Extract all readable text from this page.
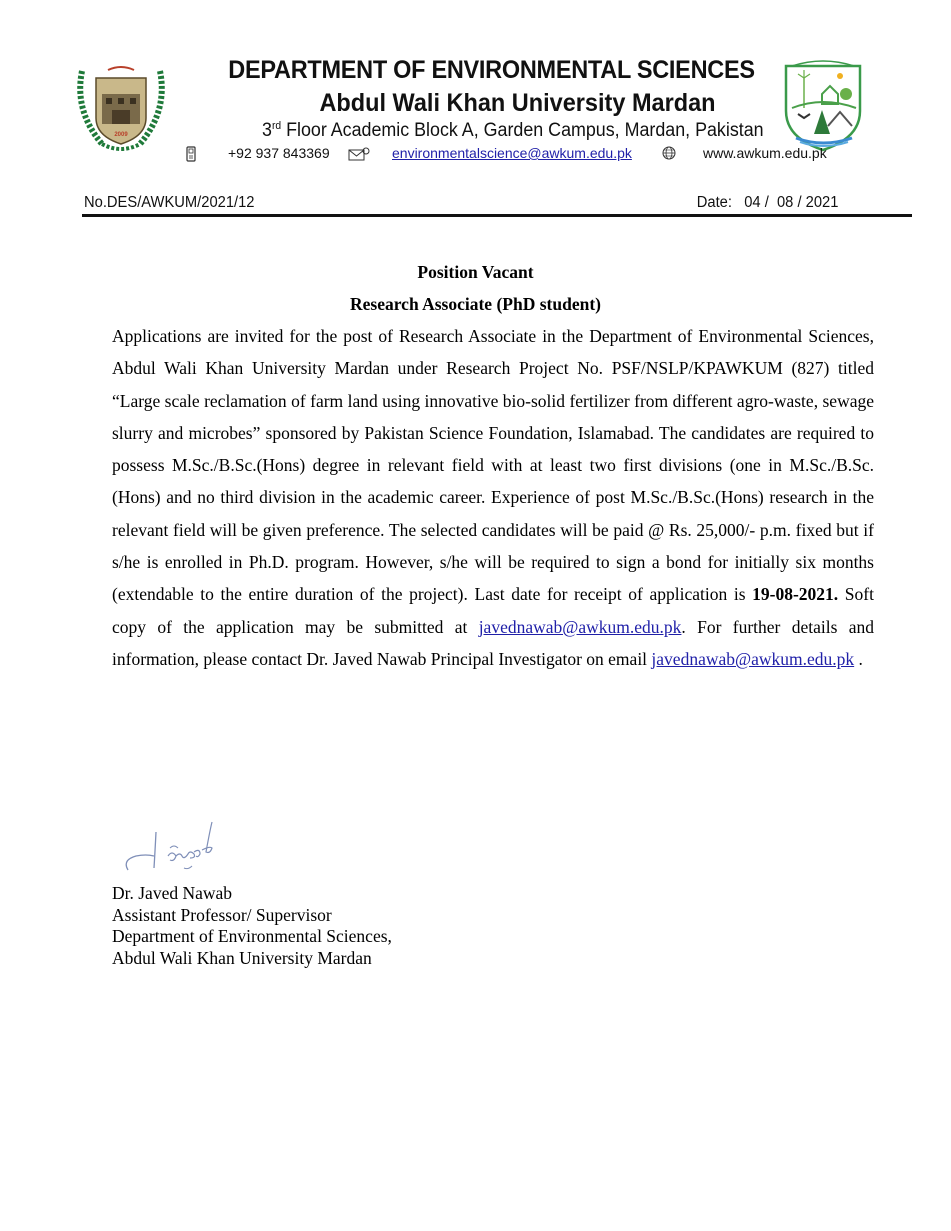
2009
DEPARTMENT OF ENVIRONMENTAL SCIENCES
Abdul Wali Khan University Mardan
3rd Floor Academic Block A, Garden Campus, Mardan, Pakistan
+92 937 843369	environmentalscience@awkum.edu.pk	www.awkum.edu.pk
No.DES/AWKUM/2021/12	Date: 04 /  08 / 2021
Position Vacant
Research Associate (PhD student)
Applications are invited for the post of Research Associate in the Department of Environmental Sciences, Abdul Wali Khan University Mardan under Research Project No. PSF/NSLP/KPAWKUM (827) titled “Large scale reclamation of farm land using innovative bio-solid fertilizer from different agro-waste, sewage slurry and microbes” sponsored by Pakistan Science Foundation, Islamabad. The candidates are required to possess M.Sc./B.Sc.(Hons) degree in relevant field with at least two first divisions (one in M.Sc./B.Sc.(Hons) and no third division in the academic career. Experience of post M.Sc./B.Sc.(Hons) research in the relevant field will be given preference. The selected candidates will be paid @ Rs. 25,000/- p.m. fixed but if s/he is enrolled in Ph.D. program. However, s/he will be required to sign a bond for initially six months (extendable to the entire duration of the project). Last date for receipt of application is 19-08-2021. Soft copy of the application may be submitted at javednawab@awkum.edu.pk. For further details and information, please contact Dr. Javed Nawab Principal Investigator on email javednawab@awkum.edu.pk .
Dr. Javed Nawab
Assistant Professor/ Supervisor
Department of Environmental Sciences,
Abdul Wali Khan University Mardan
